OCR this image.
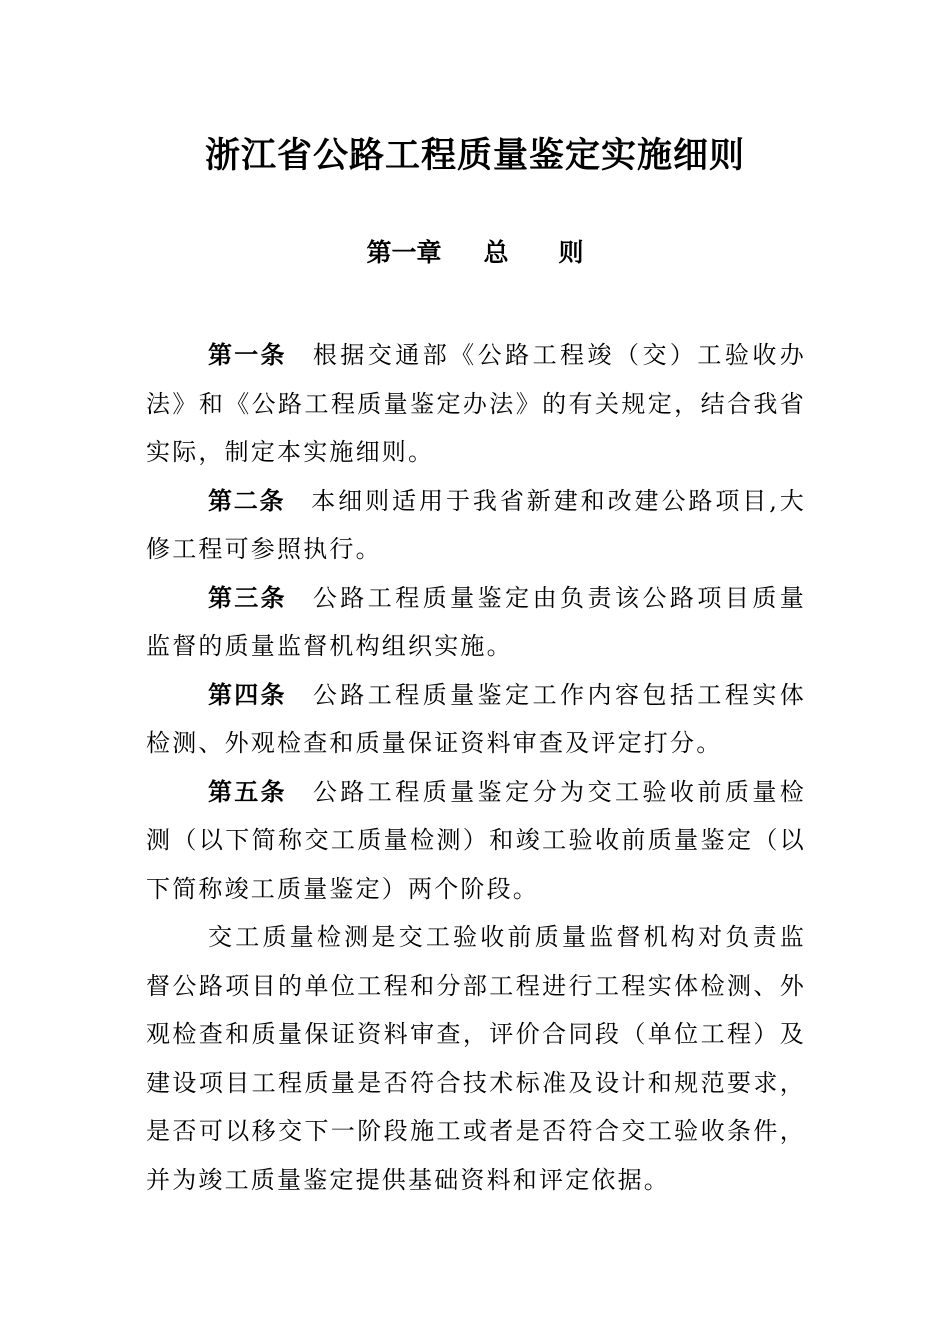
浙江省公路工程质量鉴定实施细则
第一章 总 则

第一条 根据交通部《公路工程竣（交）工验收办法》和《公路工程质量鉴定办法》的有关规定，结合我省实际，制定本实施细则。

第二条 本细则适用于我省新建和改建公路项目,大修工程可参照执行。

第三条 公路工程质量鉴定由负责该公路项目质量监督的质量监督机构组织实施。

第四条 公路工程质量鉴定工作内容包括工程实体检测、外观检查和质量保证资料审查及评定打分。

第五条 公路工程质量鉴定分为交工验收前质量检测（以下简称交工质量检测）和竣工验收前质量鉴定（以下简称竣工质量鉴定）两个阶段。

交工质量检测是交工验收前质量监督机构对负责监督公路项目的单位工程和分部工程进行工程实体检测、外观检查和质量保证资料审查，评价合同段（单位工程）及建设项目工程质量是否符合技术标准及设计和规范要求，是否可以移交下一阶段施工或者是否符合交工验收条件，并为竣工质量鉴定提供基础资料和评定依据。
